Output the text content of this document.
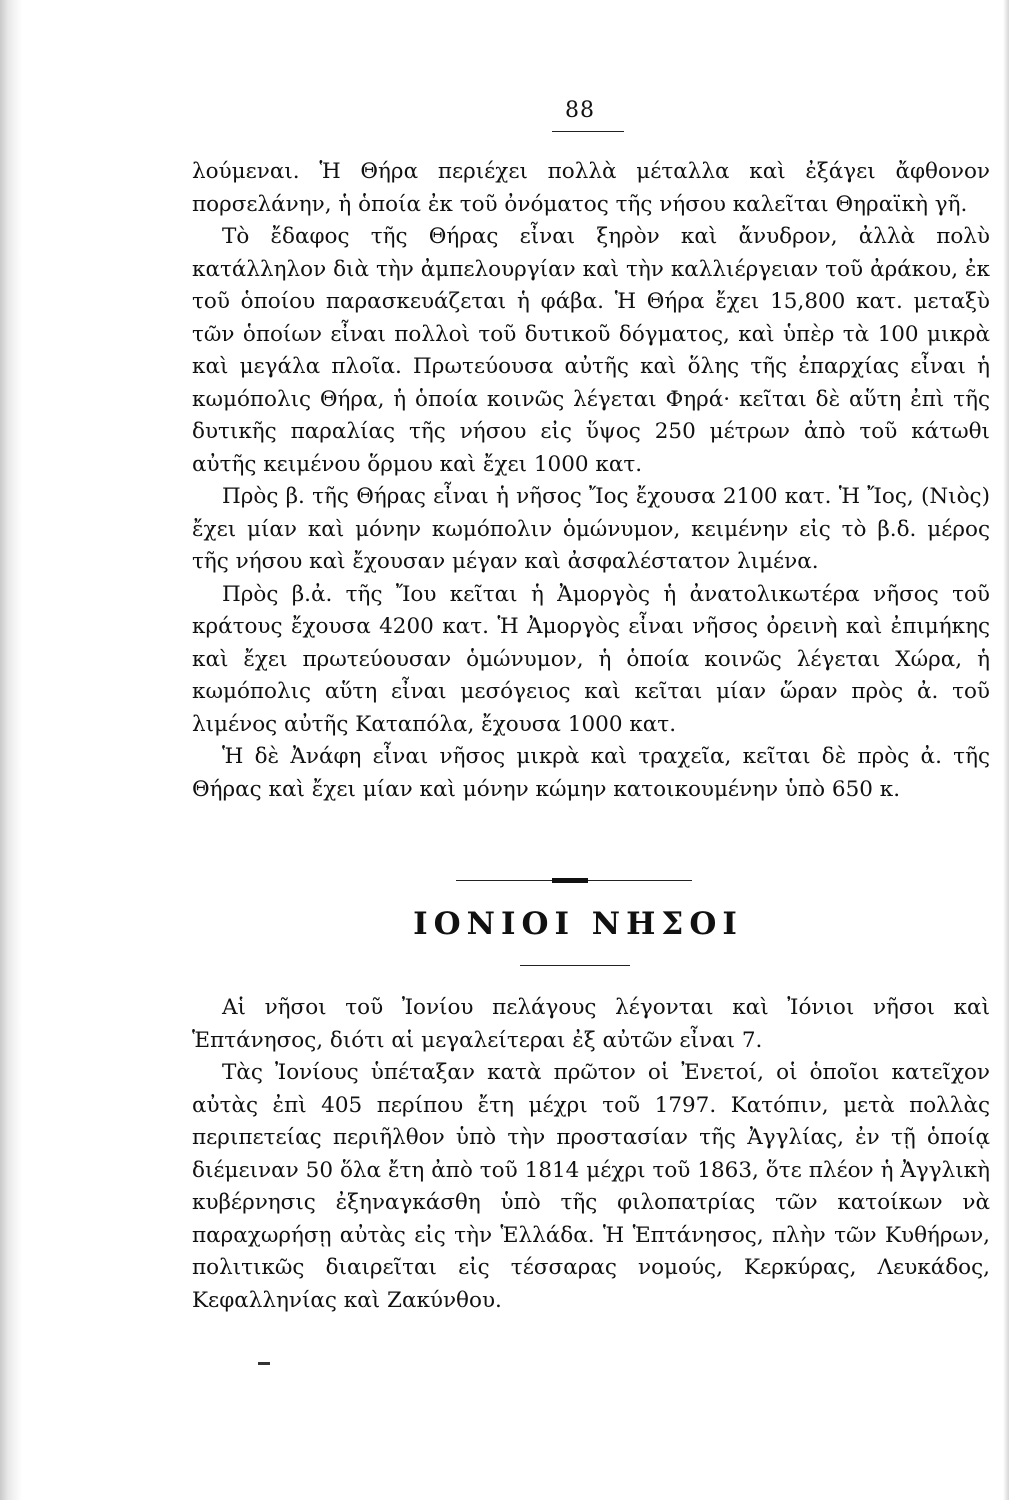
88

λούμεναι. Ἡ Θήρα περιέχει πολλὰ μέταλλα καὶ ἐξάγει ἄφθονον πορσελάνην, ἡ ὁποία ἐκ τοῦ ὀνόματος τῆς νήσου καλεῖται Θηραϊκὴ γῆ.

Τὸ ἔδαφος τῆς Θήρας εἶναι ξηρὸν καὶ ἄνυδρον, ἀλλὰ πολὺ κατάλληλον διὰ τὴν ἀμπελουργίαν καὶ τὴν καλλιέργειαν τοῦ ἀράκου, ἐκ τοῦ ὁποίου παρασκευάζεται ἡ φάβα. Ἡ Θήρα ἔχει 15,800 κατ. μεταξὺ τῶν ὁποίων εἶναι πολλοὶ τοῦ δυτικοῦ δόγματος, καὶ ὑπὲρ τὰ 100 μικρὰ καὶ μεγάλα πλοῖα. Πρωτεύουσα αὐτῆς καὶ ὅλης τῆς ἐπαρχίας εἶναι ἡ κωμόπολις Θήρα, ἡ ὁποία κοινῶς λέγεται Φηρά· κεῖται δὲ αὕτη ἐπὶ τῆς δυτικῆς παραλίας τῆς νήσου εἰς ὕψος 250 μέτρων ἀπὸ τοῦ κάτωθι αὐτῆς κειμένου ὅρμου καὶ ἔχει 1000 κατ.

Πρὸς β. τῆς Θήρας εἶναι ἡ νῆσος Ἴος ἔχουσα 2100 κατ. Ἡ Ἴος, (Νιὸς) ἔχει μίαν καὶ μόνην κωμόπολιν ὁμώνυμον, κειμένην εἰς τὸ β.δ. μέρος τῆς νήσου καὶ ἔχουσαν μέγαν καὶ ἀσφαλέστατον λιμένα.

Πρὸς β.ἀ. τῆς Ἴου κεῖται ἡ Ἀμοργὸς ἡ ἀνατολικωτέρα νῆσος τοῦ κράτους ἔχουσα 4200 κατ. Ἡ Ἀμοργὸς εἶναι νῆσος ὀρεινὴ καὶ ἐπιμήκης καὶ ἔχει πρωτεύουσαν ὁμώνυμον, ἡ ὁποία κοινῶς λέγεται Χώρα, ἡ κωμόπολις αὕτη εἶναι μεσόγειος καὶ κεῖται μίαν ὥραν πρὸς ἀ. τοῦ λιμένος αὐτῆς Καταπόλα, ἔχουσα 1000 κατ.

Ἡ δὲ Ἀνάφη εἶναι νῆσος μικρὰ καὶ τραχεῖα, κεῖται δὲ πρὸς ἀ. τῆς Θήρας καὶ ἔχει μίαν καὶ μόνην κώμην κατοικουμένην ὑπὸ 650 κ.

ΙΟΝΙΟΙ ΝΗΣΟΙ

Αἱ νῆσοι τοῦ Ἰονίου πελάγους λέγονται καὶ Ἰόνιοι νῆσοι καὶ Ἑπτάνησος, διότι αἱ μεγαλείτεραι ἐξ αὐτῶν εἶναι 7.

Τὰς Ἰονίους ὑπέταξαν κατὰ πρῶτον οἱ Ἐνετοί, οἱ ὁποῖοι κατεῖχον αὐτὰς ἐπὶ 405 περίπου ἔτη μέχρι τοῦ 1797. Κατόπιν, μετὰ πολλὰς περιπετείας περιῆλθον ὑπὸ τὴν προστασίαν τῆς Ἀγγλίας, ἐν τῇ ὁποίᾳ διέμειναν 50 ὅλα ἔτη ἀπὸ τοῦ 1814 μέχρι τοῦ 1863, ὅτε πλέον ἡ Ἀγγλικὴ κυβέρνησις ἐξηναγκάσθη ὑπὸ τῆς φιλοπατρίας τῶν κατοίκων νὰ παραχωρήσῃ αὐτὰς εἰς τὴν Ἑλλάδα. Ἡ Ἑπτάνησος, πλὴν τῶν Κυθήρων, πολιτικῶς διαιρεῖται εἰς τέσσαρας νομούς, Κερκύρας, Λευκάδος, Κεφαλληνίας καὶ Ζακύνθου.
